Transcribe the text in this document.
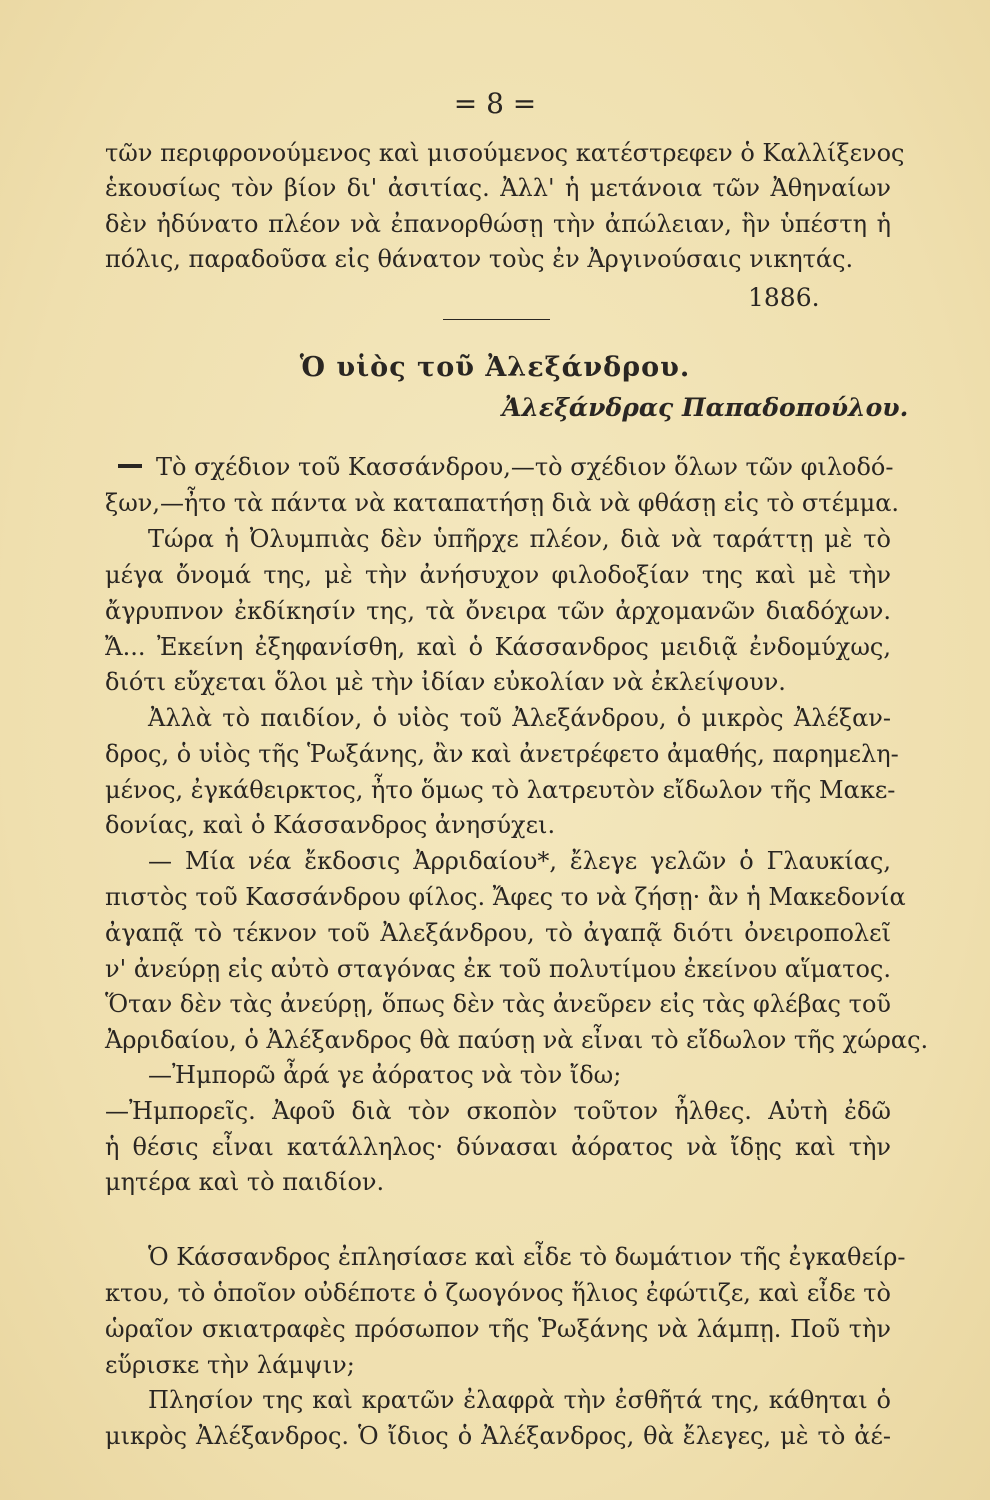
= 8 =
τῶν περιφρονούμενος καὶ μισούμενος κατέστρεφεν ὁ Καλλίξενος
ἑκουσίως τὸν βίον δι' ἀσιτίας. Ἀλλ' ἡ μετάνοια τῶν Ἀθηναίων
δὲν ἠδύνατο πλέον νὰ ἐπανορθώσῃ τὴν ἀπώλειαν, ἣν ὑπέστη ἡ
πόλις, παραδοῦσα εἰς θάνατον τοὺς ἐν Ἀργινούσαις νικητάς.
1886.
Ὁ υἱὸς τοῦ Ἀλεξάνδρου.
Ἀλεξάνδρας Παπαδοπούλου.
Τὸ σχέδιον τοῦ Κασσάνδρου,—τὸ σχέδιον ὅλων τῶν φιλοδό-
ξων,—ἦτο τὰ πάντα νὰ καταπατήσῃ διὰ νὰ φθάσῃ εἰς τὸ στέμμα.
Τώρα ἡ Ὀλυμπιὰς δὲν ὑπῆρχε πλέον, διὰ νὰ ταράττῃ μὲ τὸ
μέγα ὄνομά της, μὲ τὴν ἀνήσυχον φιλοδοξίαν της καὶ μὲ τὴν
ἄγρυπνον ἐκδίκησίν της, τὰ ὄνειρα τῶν ἀρχομανῶν διαδόχων.
Ἄ... Ἐκείνη ἐξηφανίσθη, καὶ ὁ Κάσσανδρος μειδιᾷ ἐνδομύχως,
διότι εὔχεται ὅλοι μὲ τὴν ἰδίαν εὐκολίαν νὰ ἐκλείψουν.
Ἀλλὰ τὸ παιδίον, ὁ υἱὸς τοῦ Ἀλεξάνδρου, ὁ μικρὸς Ἀλέξαν-
δρος, ὁ υἱὸς τῆς Ῥωξάνης, ἂν καὶ ἀνετρέφετο ἀμαθής, παρημελη-
μένος, ἐγκάθειρκτος, ἦτο ὅμως τὸ λατρευτὸν εἴδωλον τῆς Μακε-
δονίας, καὶ ὁ Κάσσανδρος ἀνησύχει.
— Μία νέα ἔκδοσις Ἀρριδαίου*, ἔλεγε γελῶν ὁ Γλαυκίας,
πιστὸς τοῦ Κασσάνδρου φίλος. Ἄφες το νὰ ζήσῃ· ἂν ἡ Μακεδονία
ἀγαπᾷ τὸ τέκνον τοῦ Ἀλεξάνδρου, τὸ ἀγαπᾷ διότι ὀνειροπολεῖ
ν' ἀνεύρῃ εἰς αὐτὸ σταγόνας ἐκ τοῦ πολυτίμου ἐκείνου αἵματος.
Ὅταν δὲν τὰς ἀνεύρῃ, ὅπως δὲν τὰς ἀνεῦρεν εἰς τὰς φλέβας τοῦ
Ἀρριδαίου, ὁ Ἀλέξανδρος θὰ παύσῃ νὰ εἶναι τὸ εἴδωλον τῆς χώρας.
—Ἠμπορῶ ἆρά γε ἀόρατος νὰ τὸν ἴδω;
—Ἠμπορεῖς. Ἀφοῦ διὰ τὸν σκοπὸν τοῦτον ἦλθες. Αὐτὴ ἐδῶ
ἡ θέσις εἶναι κατάλληλος· δύνασαι ἀόρατος νὰ ἴδῃς καὶ τὴν
μητέρα καὶ τὸ παιδίον.
Ὁ Κάσσανδρος ἐπλησίασε καὶ εἶδε τὸ δωμάτιον τῆς ἐγκαθείρ-
κτου, τὸ ὁποῖον οὐδέποτε ὁ ζωογόνος ἥλιος ἐφώτιζε, καὶ εἶδε τὸ
ὡραῖον σκιατραφὲς πρόσωπον τῆς Ῥωξάνης νὰ λάμπῃ. Ποῦ τὴν
εὕρισκε τὴν λάμψιν;
Πλησίον της καὶ κρατῶν ἐλαφρὰ τὴν ἐσθῆτά της, κάθηται ὁ
μικρὸς Ἀλέξανδρος. Ὁ ἴδιος ὁ Ἀλέξανδρος, θὰ ἔλεγες, μὲ τὸ ἀέ-
